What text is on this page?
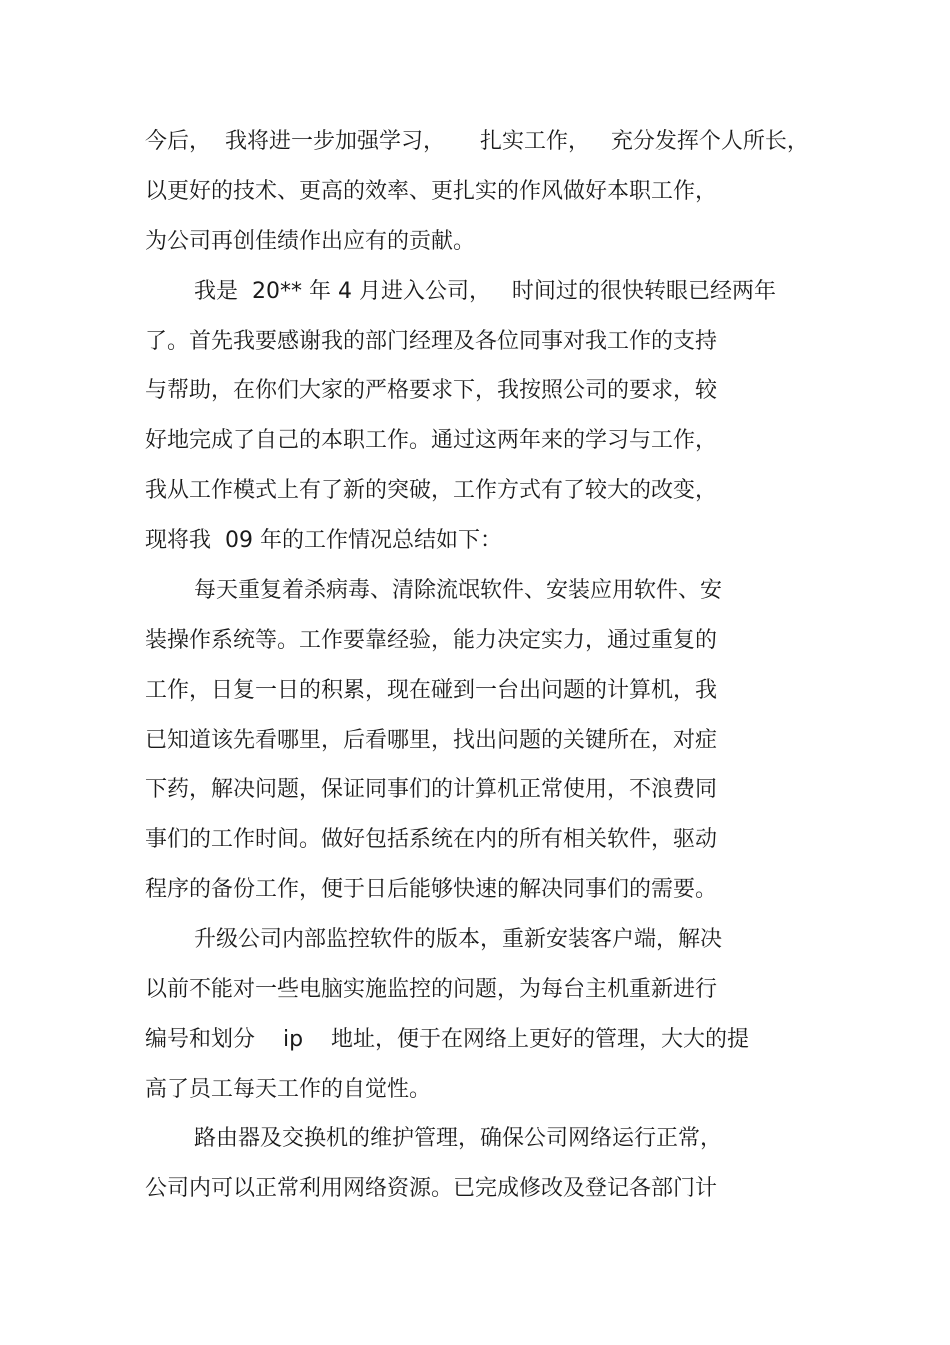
今后，  我将进一步加强学习，     扎实工作，   充分发挥个人所长，

以更好的技术、更高的效率、更扎实的作风做好本职工作，

为公司再创佳绩作出应有的贡献。

我是  20** 年 4 月进入公司，   时间过的很快转眼已经两年

了。首先我要感谢我的部门经理及各位同事对我工作的支持

与帮助，在你们大家的严格要求下，我按照公司的要求，较

好地完成了自己的本职工作。通过这两年来的学习与工作，

我从工作模式上有了新的突破，工作方式有了较大的改变，

现将我  09 年的工作情况总结如下：

每天重复着杀病毒、清除流氓软件、安装应用软件、安

装操作系统等。工作要靠经验，能力决定实力，通过重复的

工作，日复一日的积累，现在碰到一台出问题的计算机，我

已知道该先看哪里，后看哪里，找出问题的关键所在，对症

下药，解决问题，保证同事们的计算机正常使用，不浪费同

事们的工作时间。做好包括系统在内的所有相关软件，驱动

程序的备份工作，便于日后能够快速的解决同事们的需要。

升级公司内部监控软件的版本，重新安装客户端，解决

以前不能对一些电脑实施监控的问题，为每台主机重新进行

编号和划分    ip    地址，便于在网络上更好的管理，大大的提

高了员工每天工作的自觉性。

路由器及交换机的维护管理，确保公司网络运行正常，

公司内可以正常利用网络资源。已完成修改及登记各部门计
